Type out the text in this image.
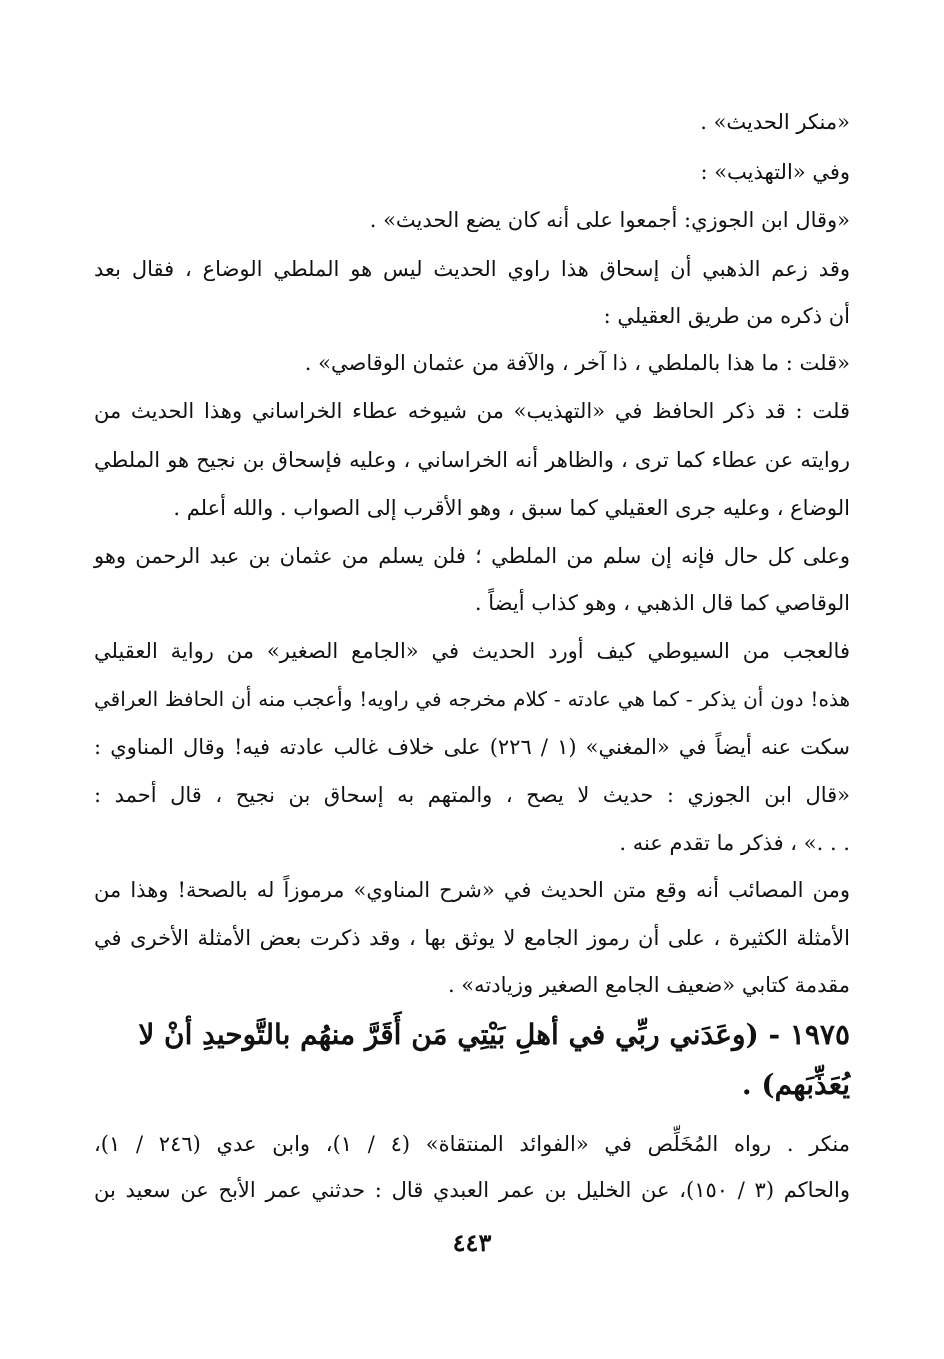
«منكر الحديث» .
وفي «التهذيب» :
«وقال ابن الجوزي: أجمعوا على أنه كان يضع الحديث» .
وقد زعم الذهبي أن إسحاق هذا راوي الحديث ليس هو الملطي الوضاع ، فقال بعد
أن ذكره من طريق العقيلي :
«قلت : ما هذا بالملطي ، ذا آخر ، والآفة من عثمان الوقاصي» .
قلت : قد ذكر الحافظ في «التهذيب» من شيوخه عطاء الخراساني وهذا الحديث من
روايته عن عطاء كما ترى ، والظاهر أنه الخراساني ، وعليه فإسحاق بن نجيح هو الملطي
الوضاع ، وعليه جرى العقيلي كما سبق ، وهو الأقرب إلى الصواب . والله أعلم .
وعلى كل حال فإنه إن سلم من الملطي ؛ فلن يسلم من عثمان بن عبد الرحمن وهو
الوقاصي كما قال الذهبي ، وهو كذاب أيضاً .
فالعجب من السيوطي كيف أورد الحديث في «الجامع الصغير» من رواية العقيلي
هذه! دون أن يذكر - كما هي عادته - كلام مخرجه في راويه! وأعجب منه أن الحافظ العراقي
سكت عنه أيضاً في «المغني» (١ / ٢٢٦) على خلاف غالب عادته فيه! وقال المناوي :
«قال ابن الجوزي : حديث لا يصح ، والمتهم به إسحاق بن نجيح ، قال أحمد :
. . .» ، فذكر ما تقدم عنه .
ومن المصائب أنه وقع متن الحديث في «شرح المناوي» مرموزاً له بالصحة! وهذا من
الأمثلة الكثيرة ، على أن رموز الجامع لا يوثق بها ، وقد ذكرت بعض الأمثلة الأخرى في
مقدمة كتابي «ضعيف الجامع الصغير وزيادته» .
١٩٧٥ - (وعَدَني ربِّي في أهلِ بَيْتِي مَن أَقَرَّ منهُم بالتَّوحيدِ أنْ لا
يُعَذِّبَهم) .
منكر . رواه المُخَلِّص في «الفوائد المنتقاة» (٤ / ١)، وابن عدي (٢٤٦ / ١)،
والحاكم (٣ / ١٥٠)، عن الخليل بن عمر العبدي قال : حدثني عمر الأبح عن سعيد بن
٤٤٣
